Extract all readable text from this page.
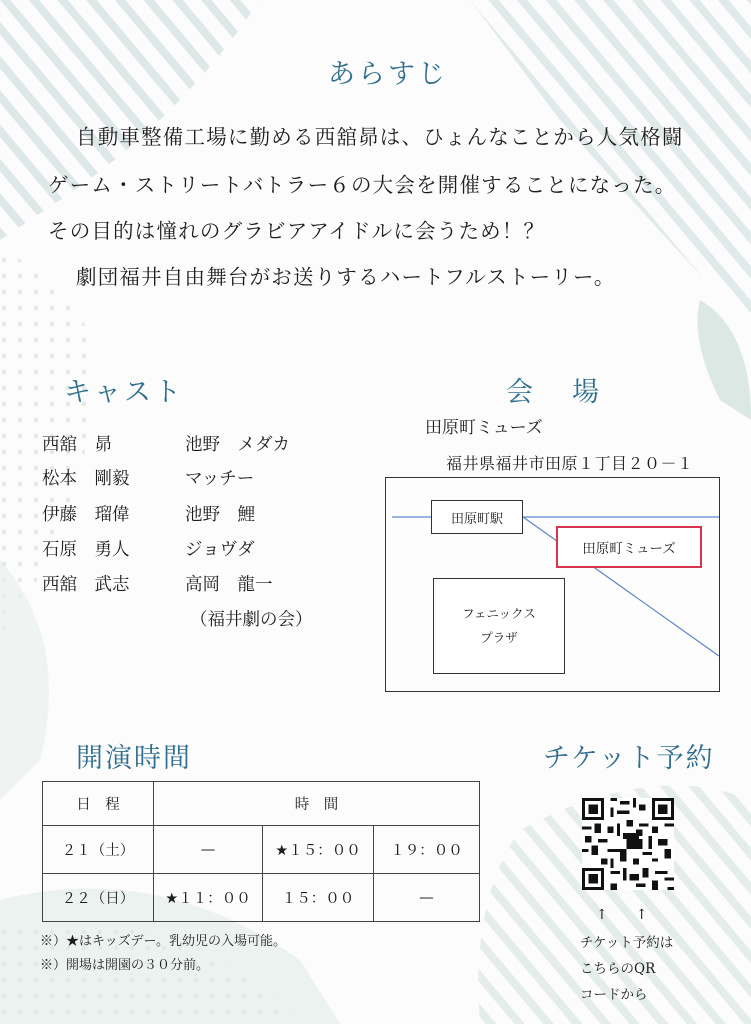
あらすじ

自動車整備工場に勤める西舘昴は、ひょんなことから人気格闘

ゲーム・ストリートバトラー６の大会を開催することになった。

その目的は憧れのグラビアアイドルに会うため！？

劇団福井自由舞台がお送りするハートフルストーリー。

キャスト
西舘　昴	池野　メダカ
松本　剛毅	マッチー
伊藤　瑠偉	池野　鯉
石原　勇人	ジョヴダ
西舘　武志	高岡　龍一
（福井劇の会）
会　場
田原町ミューズ
福井県福井市田原１丁目２０－１
田原町駅
田原町ミューズ
フェニックス
プラザ
開演時間
日　程	時　間		
２１（土）	—	★１５：００	１９：００
２２（日）	★１１：００	１５：００	—
※）★はキッズデー。乳幼児の入場可能。
※）開場は開園の３０分前。
チケット予約
↑　　↑
チケット予約は
こちらのQR
コードから
